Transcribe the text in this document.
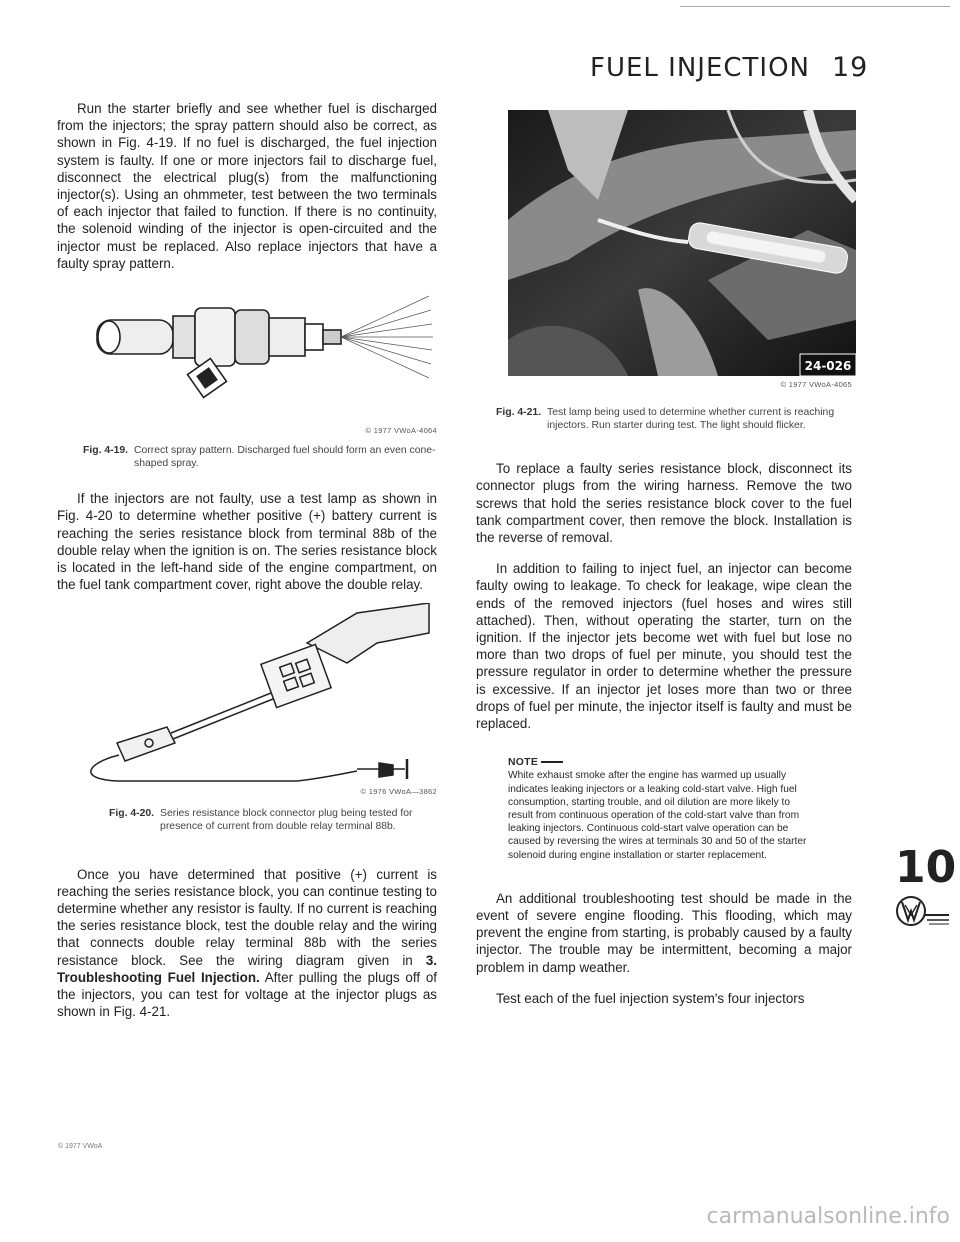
FUEL INJECTION 19

Run the starter briefly and see whether fuel is discharged from the injectors; the spray pattern should also be correct, as shown in Fig. 4-19. If no fuel is discharged, the fuel injection system is faulty. If one or more injectors fail to discharge fuel, disconnect the electrical plug(s) from the malfunctioning injector(s). Using an ohmmeter, test between the two terminals of each injector that failed to function. If there is no continuity, the solenoid winding of the injector is open-circuited and the injector must be replaced. Also replace injectors that have a faulty spray pattern.

© 1977 VWoA-4064
Fig. 4-19. Correct spray pattern. Discharged fuel should form an even cone-shaped spray.

If the injectors are not faulty, use a test lamp as shown in Fig. 4-20 to determine whether positive (+) battery current is reaching the series resistance block from terminal 88b of the double relay when the ignition is on. The series resistance block is located in the left-hand side of the engine compartment, on the fuel tank compartment cover, right above the double relay.

© 1976 VWoA—3862
Fig. 4-20. Series resistance block connector plug being tested for presence of current from double relay terminal 88b.

Once you have determined that positive (+) current is reaching the series resistance block, you can continue testing to determine whether any resistor is faulty. If no current is reaching the series resistance block, test the double relay and the wiring that connects double relay terminal 88b with the series resistance block. See the wiring diagram given in 3. Troubleshooting Fuel Injection. After pulling the plugs off of the injectors, you can test for voltage at the injector plugs as shown in Fig. 4-21.

© 1977 VWoA
24-026
© 1977 VWoA-4065
Fig. 4-21. Test lamp being used to determine whether current is reaching injectors. Run starter during test. The light should flicker.

To replace a faulty series resistance block, disconnect its connector plugs from the wiring harness. Remove the two screws that hold the series resistance block cover to the fuel tank compartment cover, then remove the block. Installation is the reverse of removal.

In addition to failing to inject fuel, an injector can become faulty owing to leakage. To check for leakage, wipe clean the ends of the removed injectors (fuel hoses and wires still attached). Then, without operating the starter, turn on the ignition. If the injector jets become wet with fuel but lose no more than two drops of fuel per minute, you should test the pressure regulator in order to determine whether the pressure is excessive. If an injector jet loses more than two or three drops of fuel per minute, the injector itself is faulty and must be replaced.

NOTE
White exhaust smoke after the engine has warmed up usually indicates leaking injectors or a leaking cold-start valve. High fuel consumption, starting trouble, and oil dilution are more likely to result from continuous operation of the cold-start valve than from leaking injectors. Continuous cold-start valve operation can be caused by reversing the wires at terminals 30 and 50 of the starter solenoid during engine installation or starter replacement.

An additional troubleshooting test should be made in the event of severe engine flooding. This flooding, which may prevent the engine from starting, is probably caused by a faulty injector. The trouble may be intermittent, becoming a major problem in damp weather.

Test each of the fuel injection system's four injectors

10
carmanualsonline.info
